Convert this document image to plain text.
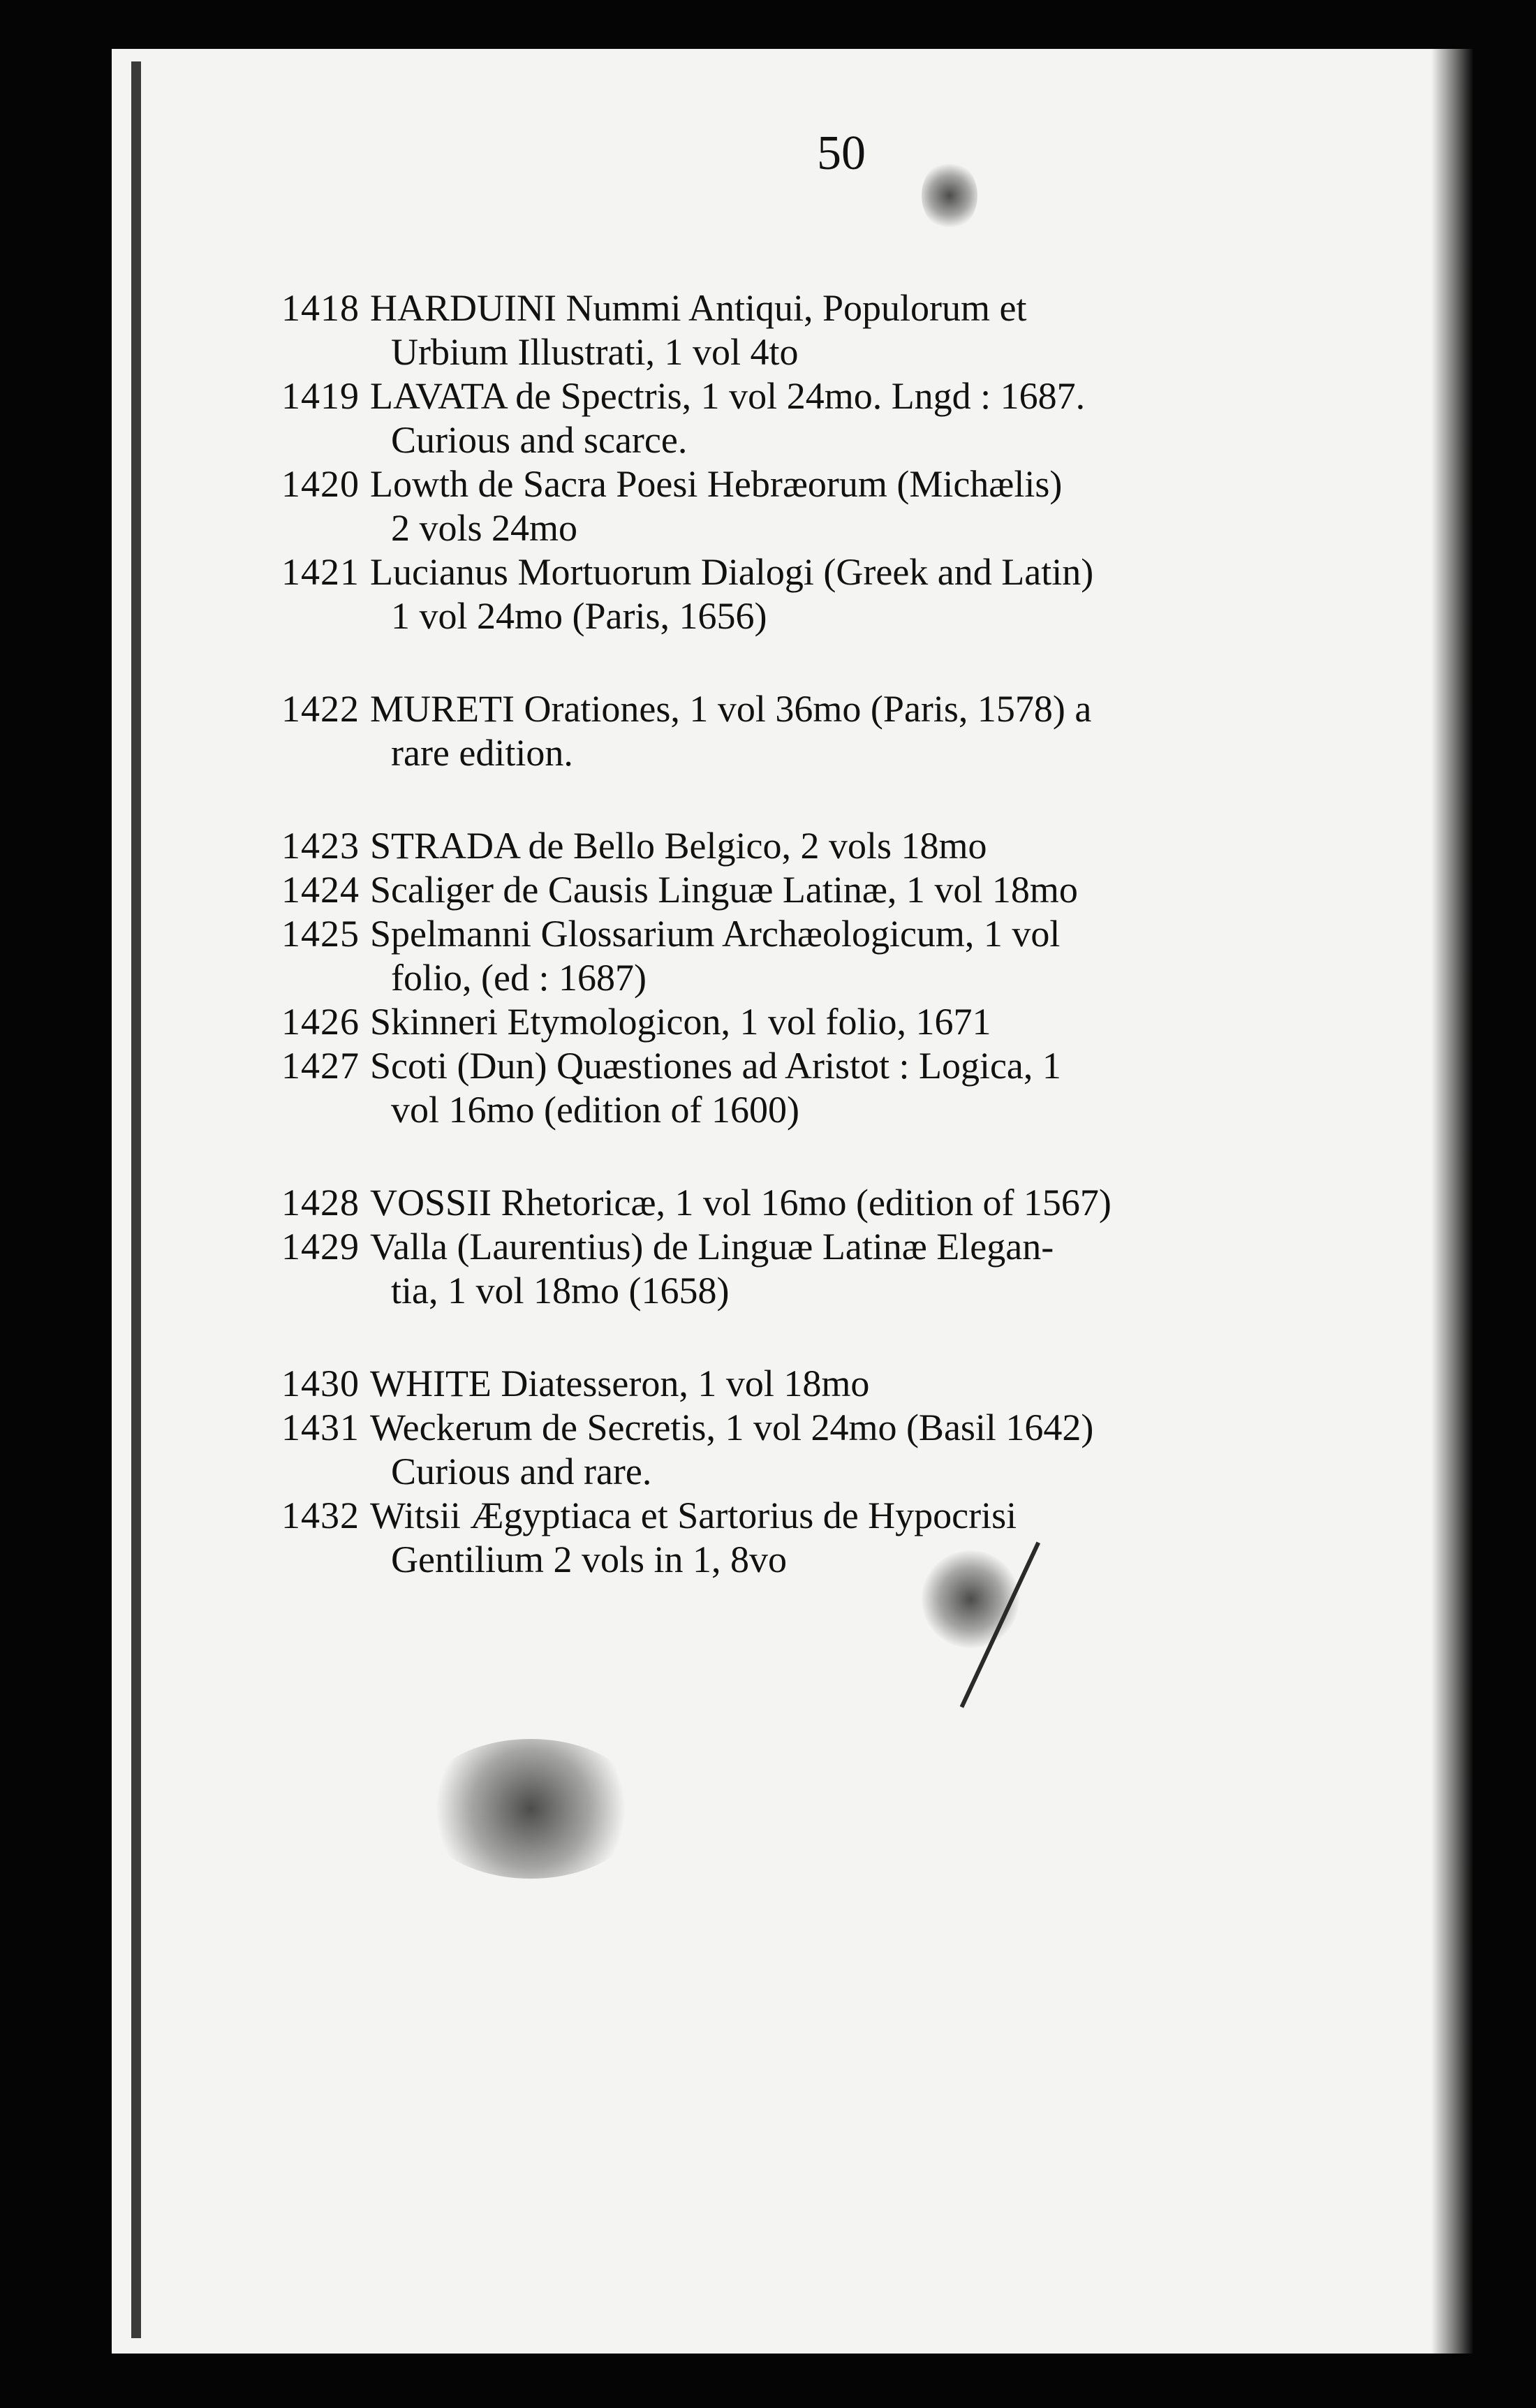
50
1418 HARDUINI Nummi Antiqui, Populorum et
Urbium Illustrati, 1 vol 4to
1419 LAVATA de Spectris, 1 vol 24mo. Lngd : 1687.
Curious and scarce.
1420 Lowth de Sacra Poesi Hebræorum (Michælis)
2 vols 24mo
1421 Lucianus Mortuorum Dialogi (Greek and Latin)
1 vol 24mo (Paris, 1656)
1422 MURETI Orationes, 1 vol 36mo (Paris, 1578) a
rare edition.
1423 STRADA de Bello Belgico, 2 vols 18mo
1424 Scaliger de Causis Linguæ Latinæ, 1 vol 18mo
1425 Spelmanni Glossarium Archæologicum, 1 vol
folio, (ed : 1687)
1426 Skinneri Etymologicon, 1 vol folio, 1671
1427 Scoti (Dun) Quæstiones ad Aristot : Logica, 1
vol 16mo (edition of 1600)
1428 VOSSII Rhetoricæ, 1 vol 16mo (edition of 1567)
1429 Valla (Laurentius) de Linguæ Latinæ Elegan-
tia, 1 vol 18mo (1658)
1430 WHITE Diatesseron, 1 vol 18mo
1431 Weckerum de Secretis, 1 vol 24mo (Basil 1642)
Curious and rare.
1432 Witsii Ægyptiaca et Sartorius de Hypocrisi
Gentilium 2 vols in 1, 8vo
